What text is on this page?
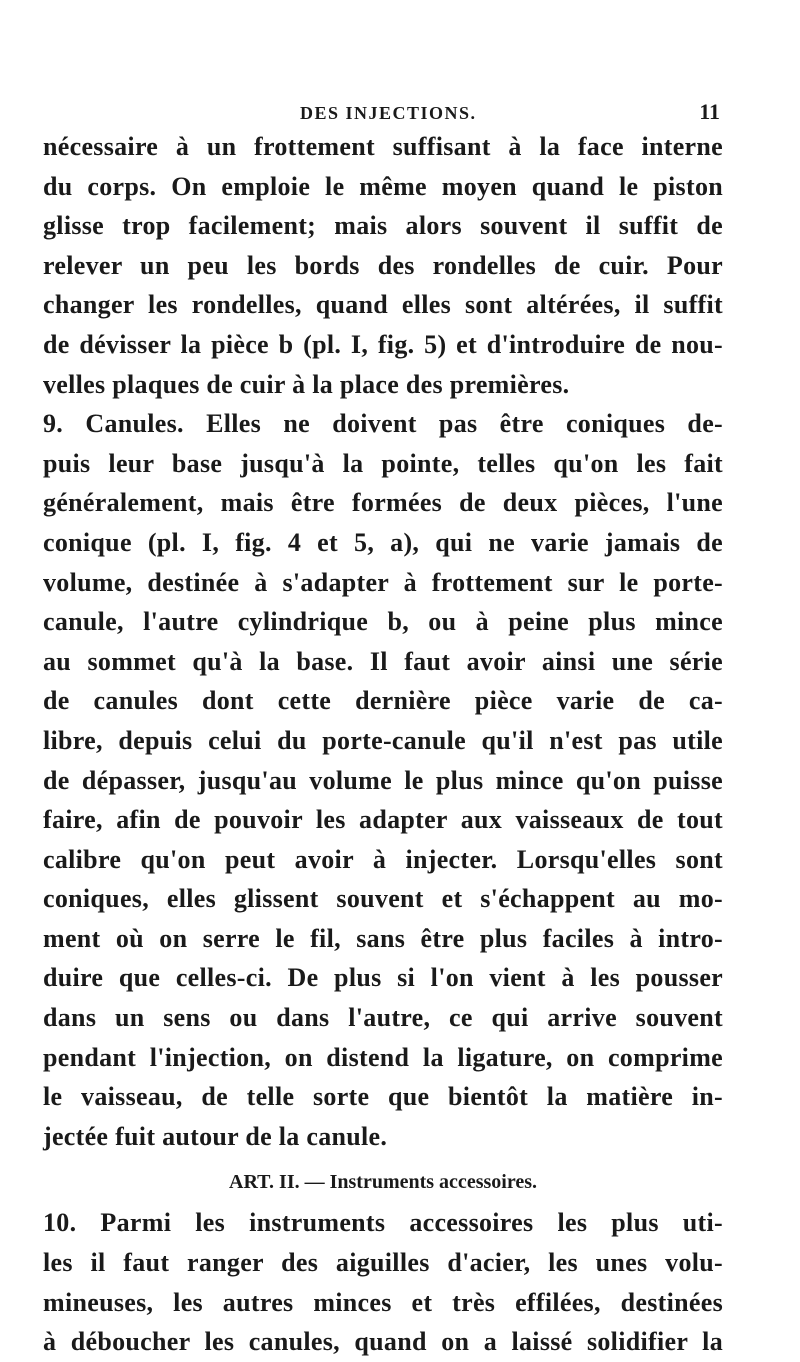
DES INJECTIONS.	11
nécessaire à un frottement suffisant à la face interne
du corps. On emploie le même moyen quand le piston
glisse trop facilement; mais alors souvent il suffit de
relever un peu les bords des rondelles de cuir. Pour
changer les rondelles, quand elles sont altérées, il suffit
de dévisser la pièce b (pl. I, fig. 5) et d'introduire de nou-
velles plaques de cuir à la place des premières.
9. Canules. Elles ne doivent pas être coniques de-
puis leur base jusqu'à la pointe, telles qu'on les fait
généralement, mais être formées de deux pièces, l'une
conique (pl. I, fig. 4 et 5, a), qui ne varie jamais de
volume, destinée à s'adapter à frottement sur le porte-
canule, l'autre cylindrique b, ou à peine plus mince
au sommet qu'à la base. Il faut avoir ainsi une série
de canules dont cette dernière pièce varie de ca-
libre, depuis celui du porte-canule qu'il n'est pas utile
de dépasser, jusqu'au volume le plus mince qu'on puisse
faire, afin de pouvoir les adapter aux vaisseaux de tout
calibre qu'on peut avoir à injecter. Lorsqu'elles sont
coniques, elles glissent souvent et s'échappent au mo-
ment où on serre le fil, sans être plus faciles à intro-
duire que celles-ci. De plus si l'on vient à les pousser
dans un sens ou dans l'autre, ce qui arrive souvent
pendant l'injection, on distend la ligature, on comprime
le vaisseau, de telle sorte que bientôt la matière in-
jectée fuit autour de la canule.
ART. II. — Instruments accessoires.
10. Parmi les instruments accessoires les plus uti-
les il faut ranger des aiguilles d'acier, les unes volu-
mineuses, les autres minces et très effilées, destinées
à déboucher les canules, quand on a laissé solidifier la
